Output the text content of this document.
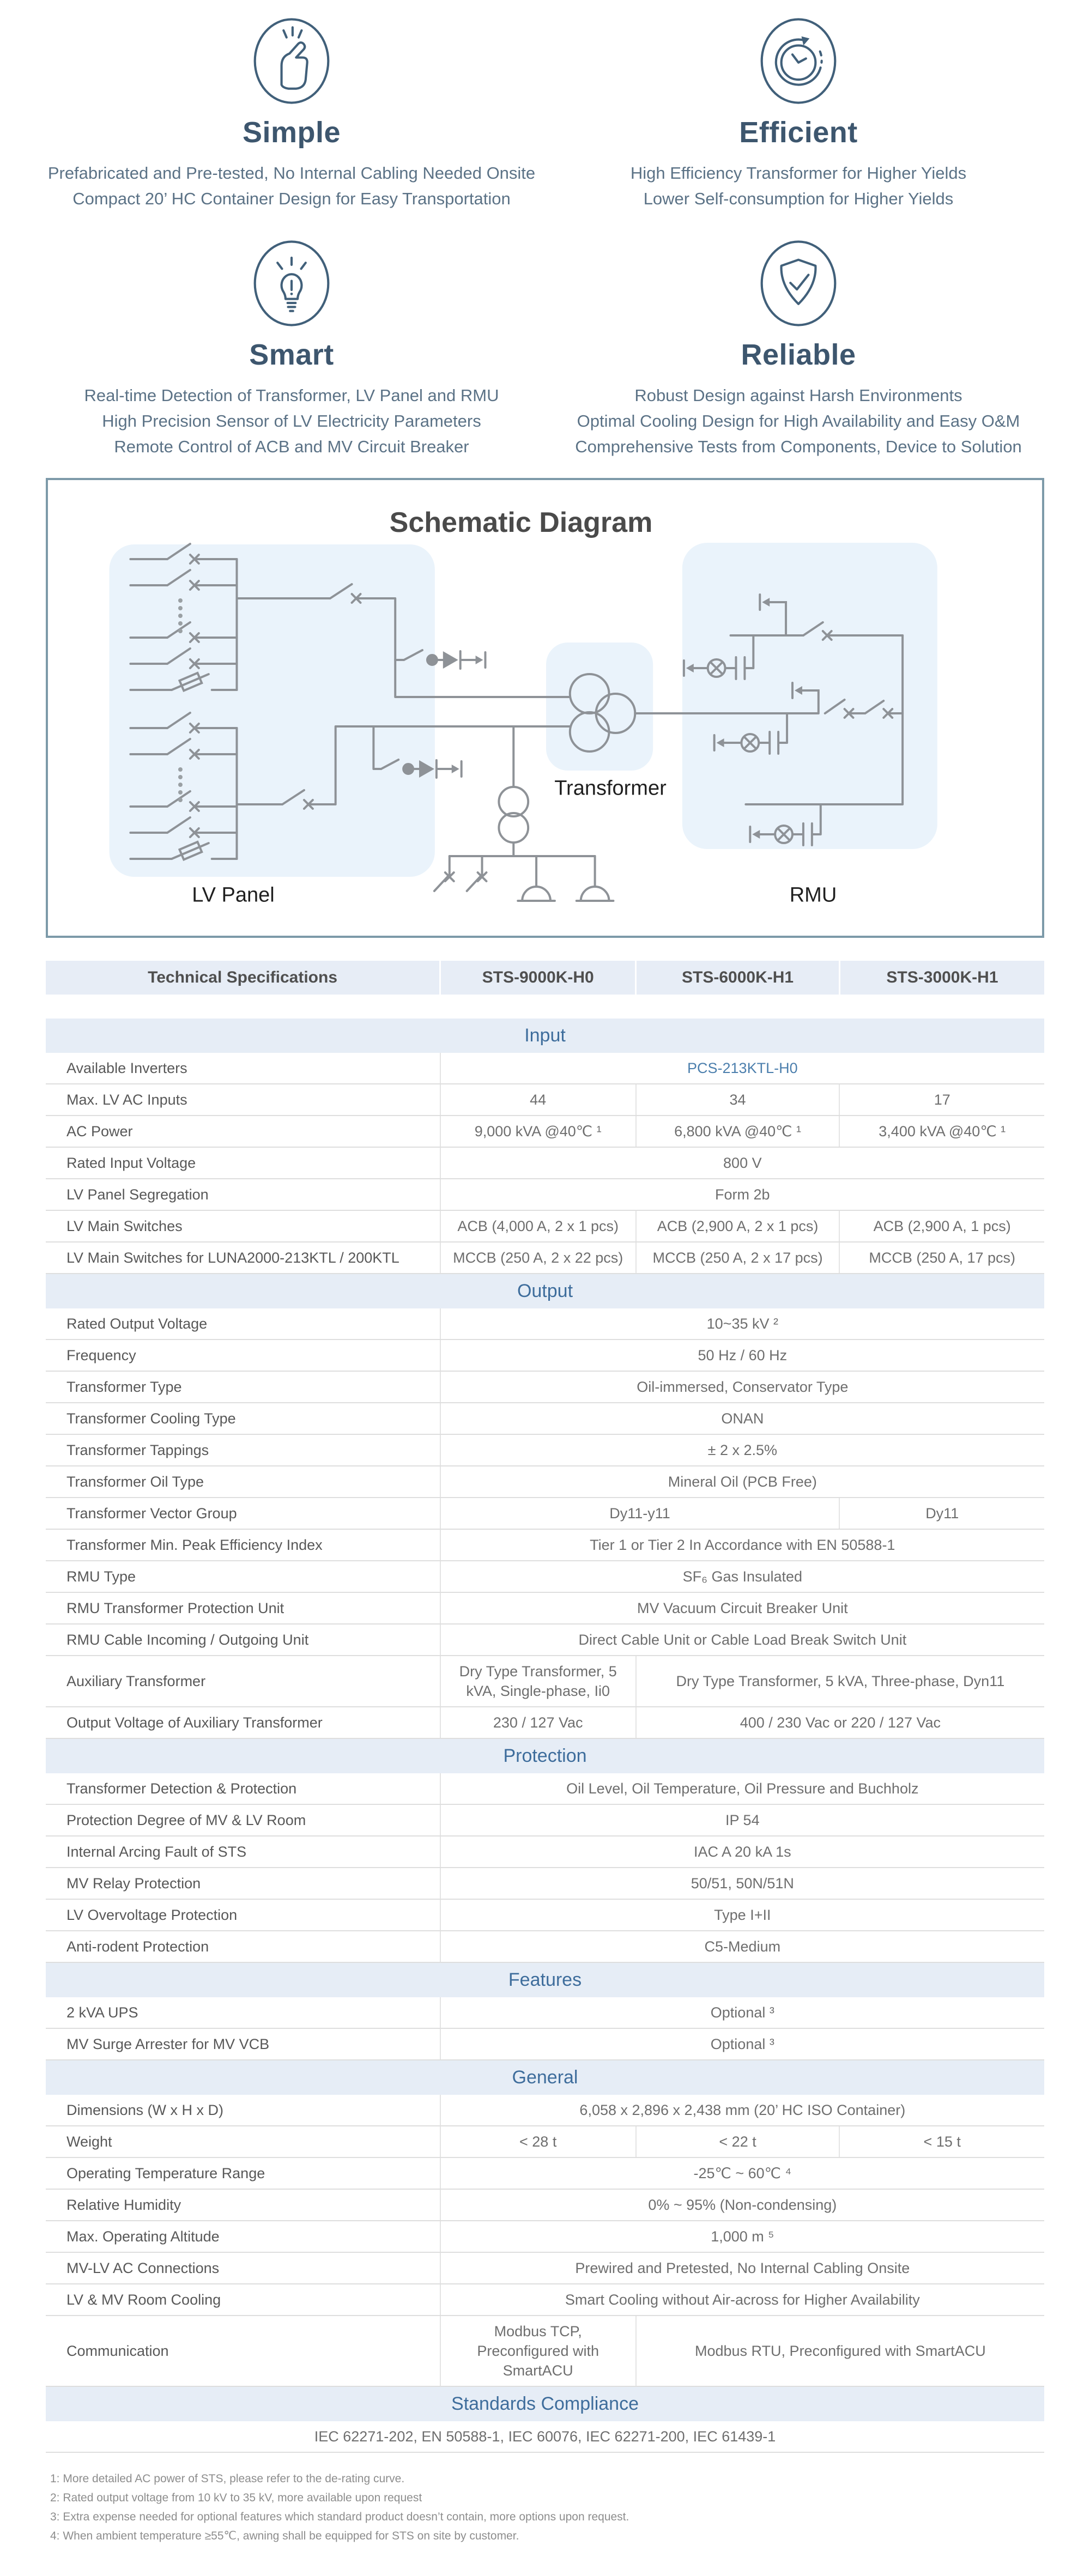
Simple
Prefabricated and Pre-tested, No Internal Cabling Needed Onsite
Compact 20’ HC Container Design for Easy Transportation
Efficient
High Efficiency Transformer for Higher Yields
Lower Self-consumption for Higher Yields
Smart
Real-time Detection of Transformer, LV Panel and RMU
High Precision Sensor of LV Electricity Parameters
Remote Control of ACB and MV Circuit Breaker
Reliable
Robust Design against Harsh Environments
Optimal Cooling Design for High Availability and Easy O&M
Comprehensive Tests from Components, Device to Solution
Schematic Diagram
LV Panel
Transformer
RMU
Technical Specifications	STS-9000K-H0	STS-6000K-H1	STS-3000K-H1

Input			
Available Inverters	PCS-213KTL-H0		
Max. LV AC Inputs	44	34	17
AC Power	9,000 kVA @40℃ ¹	6,800 kVA @40℃ ¹	3,400 kVA @40℃ ¹
Rated Input Voltage	800 V		
LV Panel Segregation	Form 2b		
LV Main Switches	ACB (4,000 A, 2 x 1 pcs)	ACB (2,900 A, 2 x 1 pcs)	ACB (2,900 A, 1 pcs)
LV Main Switches for LUNA2000-213KTL / 200KTL	MCCB (250 A, 2 x 22 pcs)	MCCB (250 A, 2 x 17 pcs)	MCCB (250 A, 17 pcs)
Output			
Rated Output Voltage	10~35 kV ²		
Frequency	50 Hz / 60 Hz		
Transformer Type	Oil-immersed, Conservator Type		
Transformer Cooling Type	ONAN		
Transformer Tappings	± 2 x 2.5%		
Transformer Oil Type	Mineral Oil (PCB Free)		
Transformer Vector Group	Dy11-y11		Dy11
Transformer Min. Peak Efficiency Index	Tier 1 or Tier 2 In Accordance with EN 50588-1		
RMU Type	SF₆ Gas Insulated		
RMU Transformer Protection Unit	MV Vacuum Circuit Breaker Unit		
RMU Cable Incoming / Outgoing Unit	Direct Cable Unit or Cable Load Break Switch Unit		
Auxiliary Transformer	Dry Type Transformer, 5 kVA, Single-phase, Ii0	Dry Type Transformer, 5 kVA, Three-phase, Dyn11	
Output Voltage of Auxiliary Transformer	230 / 127 Vac	400 / 230 Vac or 220 / 127 Vac	
Protection			
Transformer Detection & Protection	Oil Level, Oil Temperature, Oil Pressure and Buchholz		
Protection Degree of MV & LV Room	IP 54		
Internal Arcing Fault of STS	IAC A 20 kA 1s		
MV Relay Protection	50/51, 50N/51N		
LV Overvoltage Protection	Type I+II		
Anti-rodent Protection	C5-Medium		
Features			
2 kVA UPS	Optional ³		
MV Surge Arrester for MV VCB	Optional ³		
General			
Dimensions (W x H x D)	6,058 x 2,896 x 2,438 mm (20’ HC ISO Container)		
Weight	< 28 t	< 22 t	< 15 t
Operating Temperature Range	-25℃ ~ 60℃ ⁴		
Relative Humidity	0% ~ 95% (Non-condensing)		
Max. Operating Altitude	1,000 m ⁵		
MV-LV AC Connections	Prewired and Pretested, No Internal Cabling Onsite		
LV & MV Room Cooling	Smart Cooling without Air-across for Higher Availability		
Communication	Modbus TCP, Preconfigured with SmartACU	Modbus RTU, Preconfigured with SmartACU	
Standards Compliance			
IEC 62271-202, EN 50588-1, IEC 60076, IEC 62271-200, IEC 61439-1			
1: More detailed AC power of STS, please refer to the de-rating curve.
2: Rated output voltage from 10 kV to 35 kV, more available upon request
3: Extra expense needed for optional features which standard product doesn’t contain, more options upon request.
4: When ambient temperature ≥55℃, awning shall be equipped for STS on site by customer.
